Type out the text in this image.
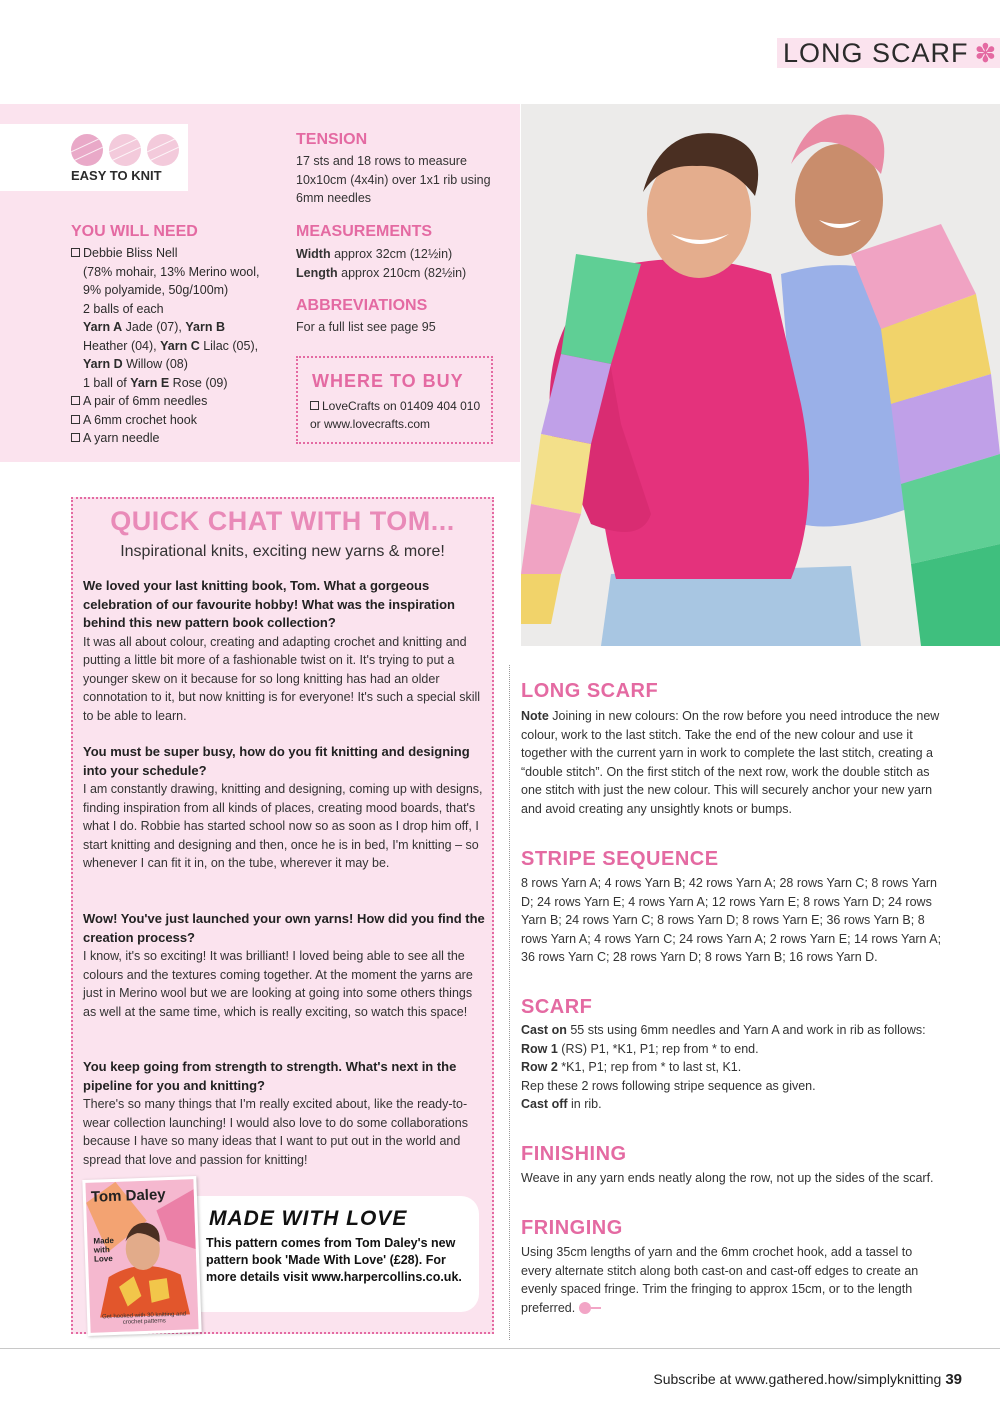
LONG SCARF ✽
EASY TO KNIT
YOU WILL NEED
Debbie Bliss Nell
(78% mohair, 13% Merino wool,
9% polyamide, 50g/100m)
2 balls of each
Yarn A Jade (07), Yarn B
Heather (04), Yarn C Lilac (05),
Yarn D Willow (08)
1 ball of Yarn E Rose (09)
A pair of 6mm needles
A 6mm crochet hook
A yarn needle
TENSION
17 sts and 18 rows to measure 10x10cm (4x4in) over 1x1 rib using 6mm needles
MEASUREMENTS
Width approx 32cm (12½in)
Length approx 210cm (82½in)
ABBREVIATIONS
For a full list see page 95
WHERE TO BUY
LoveCrafts on 01409 404 010 or www.lovecrafts.com
QUICK CHAT WITH TOM...
Inspirational knits, exciting new yarns & more!
We loved your last knitting book, Tom. What a gorgeous celebration of our favourite hobby! What was the inspiration behind this new pattern book collection?
It was all about colour, creating and adapting crochet and knitting and putting a little bit more of a fashionable twist on it. It's trying to put a younger skew on it because for so long knitting has had an older connotation to it, but now knitting is for everyone! It's such a special skill to be able to learn.
You must be super busy, how do you fit knitting and designing into your schedule?
I am constantly drawing, knitting and designing, coming up with designs, finding inspiration from all kinds of places, creating mood boards, that's what I do. Robbie has started school now so as soon as I drop him off, I start knitting and designing and then, once he is in bed, I'm knitting – so whenever I can fit it in, on the tube, wherever it may be.
Wow! You've just launched your own yarns! How did you find the creation process?
I know, it's so exciting! It was brilliant! I loved being able to see all the colours and the textures coming together. At the moment the yarns are just in Merino wool but we are looking at going into some others things as well at the same time, which is really exciting, so watch this space!
You keep going from strength to strength. What's next in the pipeline for you and knitting?
There's so many things that I'm really excited about, like the ready-to-wear collection launching! I would also love to do some collaborations because I have so many ideas that I want to put out in the world and spread that love and passion for knitting!
Tom Daley
Made with Love
Get hooked with 30 knitting and crochet patterns
MADE WITH LOVE
This pattern comes from Tom Daley's new pattern book 'Made With Love' (£28). For more details visit www.harpercollins.co.uk.
LONG SCARF
Note Joining in new colours: On the row before you need introduce the new colour, work to the last stitch. Take the end of the new colour and use it together with the current yarn in work to complete the last stitch, creating a “double stitch”. On the first stitch of the next row, work the double stitch as one stitch with just the new colour. This will securely anchor your new yarn and avoid creating any unsightly knots or bumps.
STRIPE SEQUENCE
8 rows Yarn A; 4 rows Yarn B; 42 rows Yarn A; 28 rows Yarn C; 8 rows Yarn D; 24 rows Yarn E; 4 rows Yarn A; 12 rows Yarn E; 8 rows Yarn D; 24 rows Yarn B; 24 rows Yarn C; 8 rows Yarn D; 8 rows Yarn E; 36 rows Yarn B; 8 rows Yarn A; 4 rows Yarn C; 24 rows Yarn A; 2 rows Yarn E; 14 rows Yarn A; 36 rows Yarn C; 28 rows Yarn D; 8 rows Yarn B; 16 rows Yarn D.
SCARF

Cast on 55 sts using 6mm needles and Yarn A and work in rib as follows:

Row 1 (RS) P1, *K1, P1; rep from * to end.

Row 2 *K1, P1; rep from * to last st, K1.

Rep these 2 rows following stripe sequence as given.

Cast off in rib.

FINISHING
Weave in any yarn ends neatly along the row, not up the sides of the scarf.
FRINGING
Using 35cm lengths of yarn and the 6mm crochet hook, add a tassel to every alternate stitch along both cast-on and cast-off edges to create an evenly spaced fringe. Trim the fringing to approx 15cm, or to the length preferred.
Subscribe at www.gathered.how/simplyknitting 39
